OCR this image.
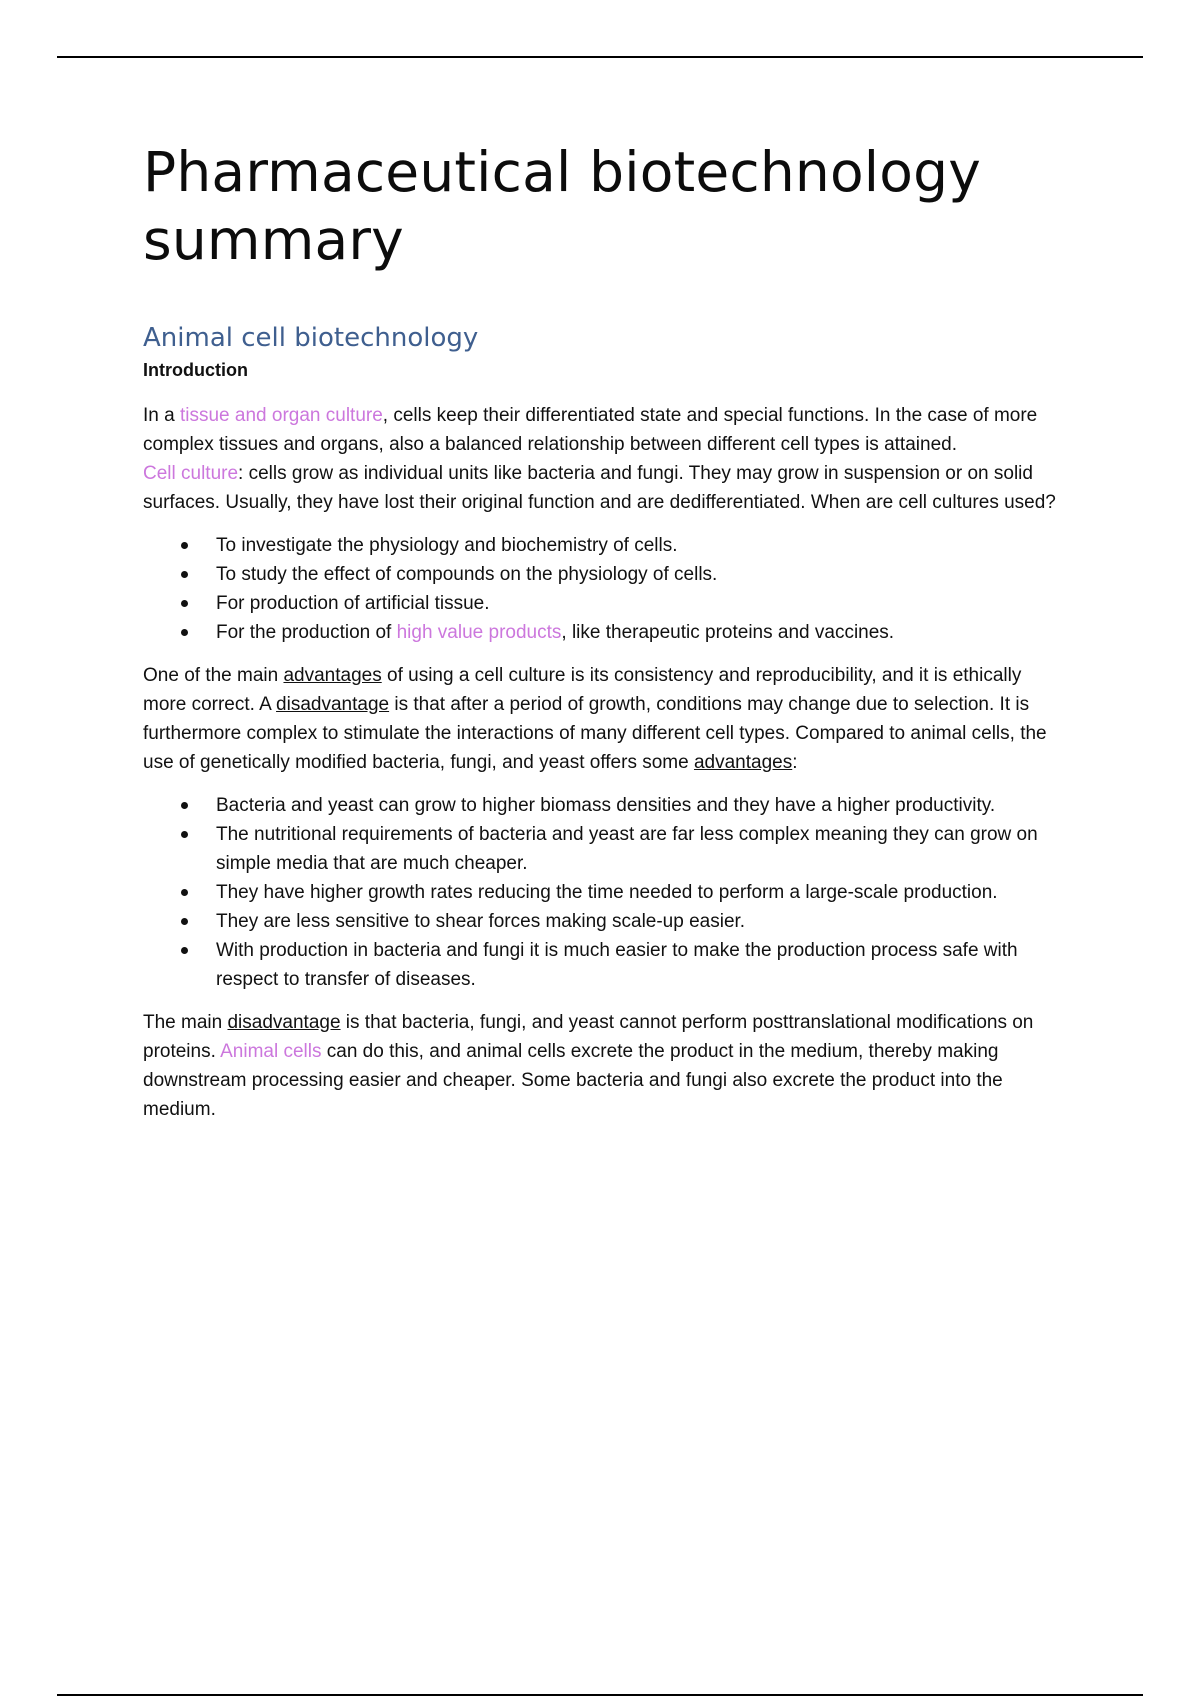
Pharmaceutical biotechnology summary
Animal cell biotechnology
Introduction

In a tissue and organ culture, cells keep their differentiated state and special functions. In the case of more complex tissues and organs, also a balanced relationship between different cell types is attained.

Cell culture: cells grow as individual units like bacteria and fungi. They may grow in suspension or on solid surfaces. Usually, they have lost their original function and are dedifferentiated. When are cell cultures used?

To investigate the physiology and biochemistry of cells.
To study the effect of compounds on the physiology of cells.
For production of artificial tissue.
For the production of high value products, like therapeutic proteins and vaccines.

One of the main advantages of using a cell culture is its consistency and reproducibility, and it is ethically more correct. A disadvantage is that after a period of growth, conditions may change due to selection. It is furthermore complex to stimulate the interactions of many different cell types. Compared to animal cells, the use of genetically modified bacteria, fungi, and yeast offers some advantages:

Bacteria and yeast can grow to higher biomass densities and they have a higher productivity.
The nutritional requirements of bacteria and yeast are far less complex meaning they can grow on simple media that are much cheaper.
They have higher growth rates reducing the time needed to perform a large-scale production.
They are less sensitive to shear forces making scale-up easier.
With production in bacteria and fungi it is much easier to make the production process safe with respect to transfer of diseases.

The main disadvantage is that bacteria, fungi, and yeast cannot perform posttranslational modifications on proteins. Animal cells can do this, and animal cells excrete the product in the medium, thereby making downstream processing easier and cheaper. Some bacteria and fungi also excrete the product into the medium.
